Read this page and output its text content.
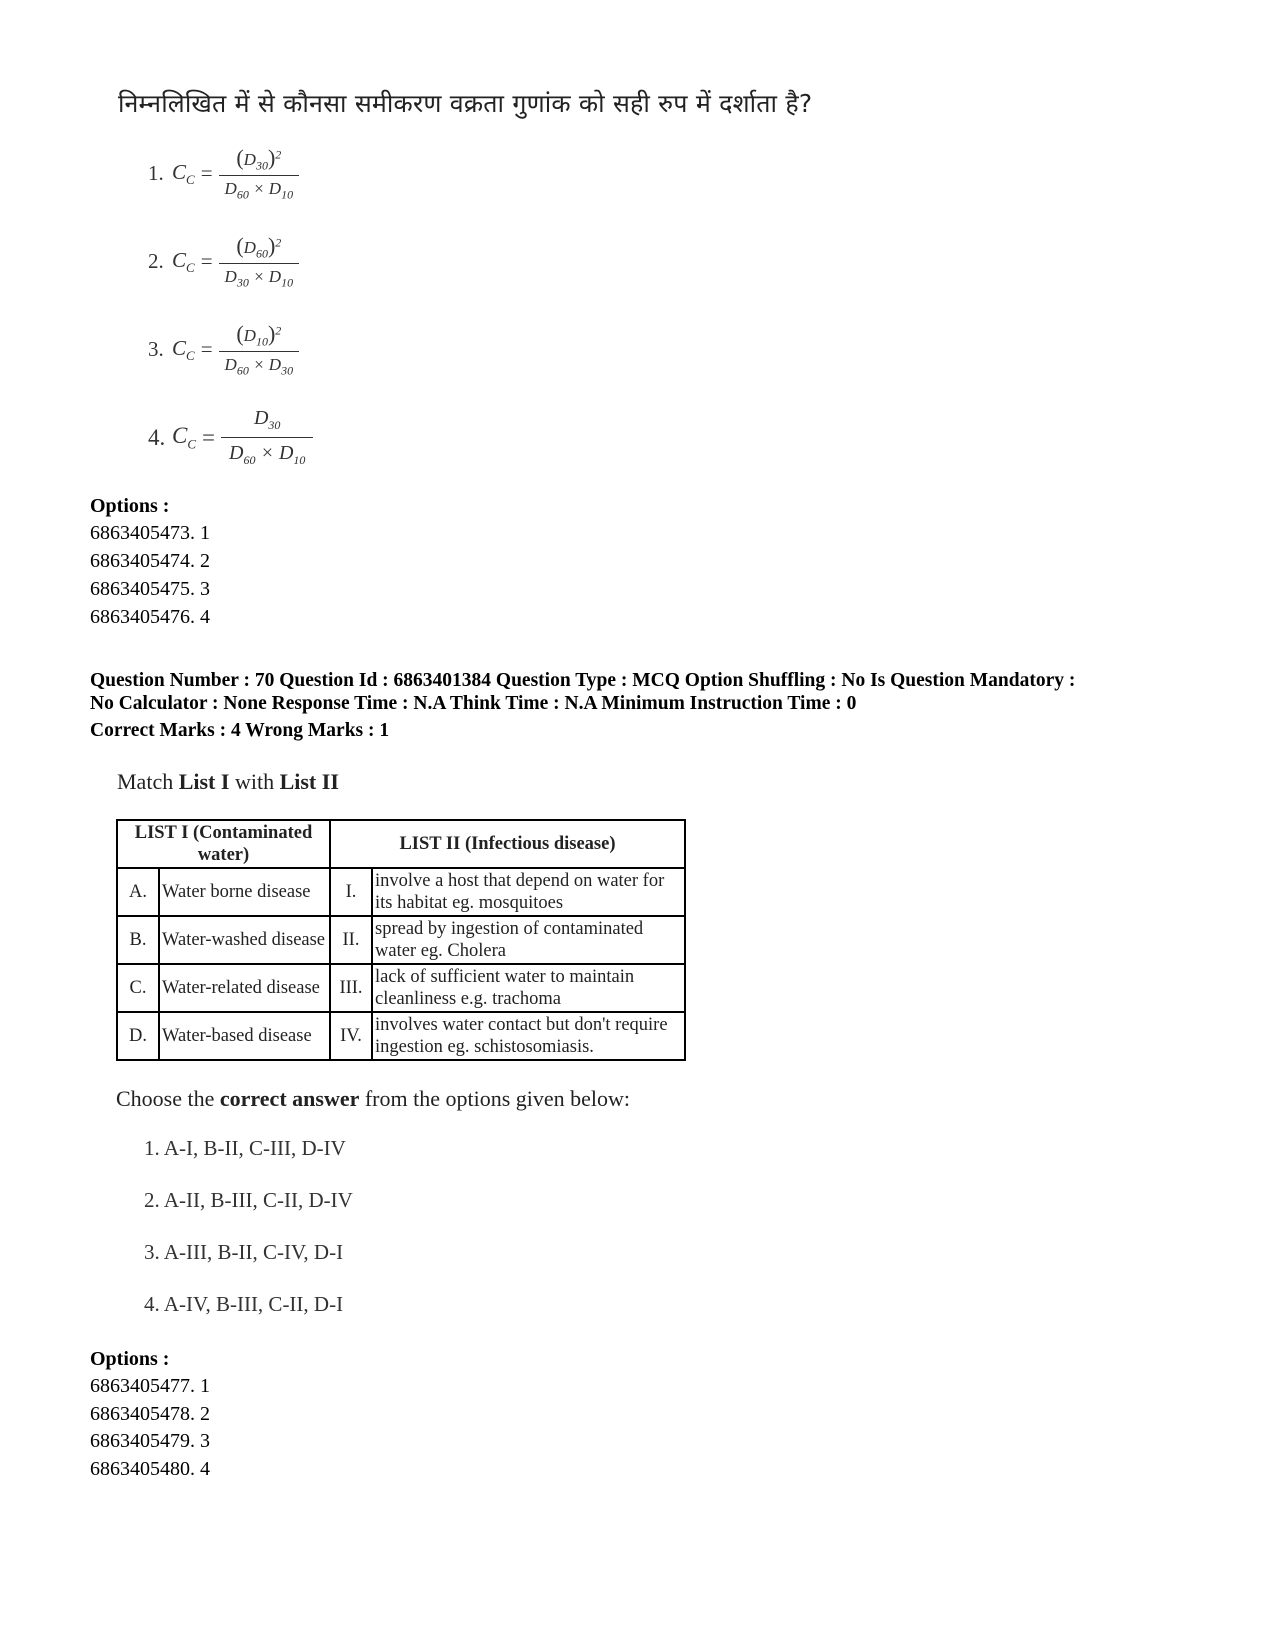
निम्नलिखित में से कौनसा समीकरण वक्रता गुणांक को सही रुप में दर्शाता है?
1. $C_C = \frac{(D_{30})^2}{D_{60} \times D_{10}}$
2. $C_C = \frac{(D_{60})^2}{D_{30} \times D_{10}}$
3. $C_C = \frac{(D_{10})^2}{D_{60} \times D_{30}}$
4. $C_C = \frac{D_{30}}{D_{60} \times D_{10}}$
Options :
6863405473. 1
6863405474. 2
6863405475. 3
6863405476. 4
Question Number : 70 Question Id : 6863401384 Question Type : MCQ Option Shuffling : No Is Question Mandatory :
No Calculator : None Response Time : N.A Think Time : N.A Minimum Instruction Time : 0
Correct Marks : 4 Wrong Marks : 1
Match List I with List II
LIST I (Contaminated water)		LIST II (Infectious disease)	
A.	Water borne disease	I.	involve a host that depend on water for its habitat eg. mosquitoes
B.	Water-washed disease	II.	spread by ingestion of contaminated water eg. Cholera
C.	Water-related disease	III.	lack of sufficient water to maintain cleanliness e.g. trachoma
D.	Water-based disease	IV.	involves water contact but don't require ingestion eg. schistosomiasis.
Choose the correct answer from the options given below:
1. A-I, B-II, C-III, D-IV
2. A-II, B-III, C-II, D-IV
3. A-III, B-II, C-IV, D-I
4. A-IV, B-III, C-II, D-I
Options :
6863405477. 1
6863405478. 2
6863405479. 3
6863405480. 4
